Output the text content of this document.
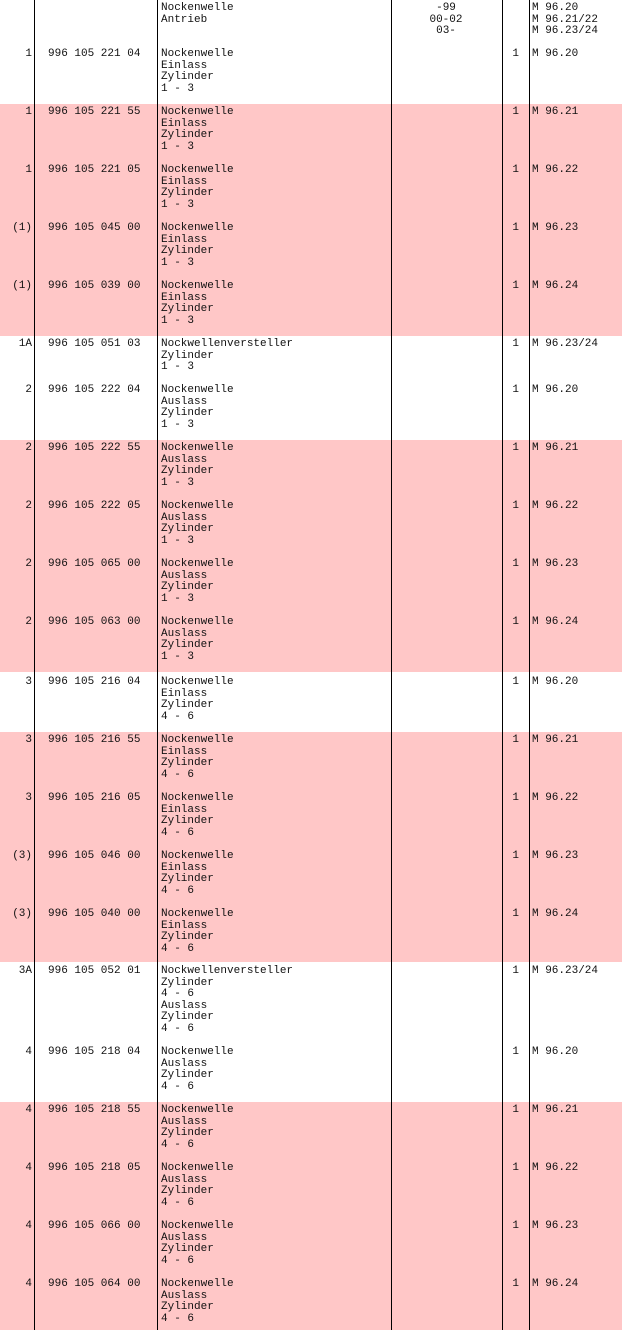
Nockenwelle
Antrieb
-99
00-02
03-
M 96.20
M 96.21/22
M 96.23/24
1 996 105 221 04 Nockenwelle
Einlass
Zylinder
1 - 3
1 M 96.20
1 996 105 221 55 Nockenwelle
Einlass
Zylinder
1 - 3
1 M 96.21
1 996 105 221 05 Nockenwelle
Einlass
Zylinder
1 - 3
1 M 96.22
(1) 996 105 045 00 Nockenwelle
Einlass
Zylinder
1 - 3
1 M 96.23
(1) 996 105 039 00 Nockenwelle
Einlass
Zylinder
1 - 3
1 M 96.24
1A 996 105 051 03 Nockwellenversteller
Zylinder
1 - 3
1 M 96.23/24
2 996 105 222 04 Nockenwelle
Auslass
Zylinder
1 - 3
1 M 96.20
2 996 105 222 55 Nockenwelle
Auslass
Zylinder
1 - 3
1 M 96.21
2 996 105 222 05 Nockenwelle
Auslass
Zylinder
1 - 3
1 M 96.22
2 996 105 065 00 Nockenwelle
Auslass
Zylinder
1 - 3
1 M 96.23
2 996 105 063 00 Nockenwelle
Auslass
Zylinder
1 - 3
1 M 96.24
3 996 105 216 04 Nockenwelle
Einlass
Zylinder
4 - 6
1 M 96.20
3 996 105 216 55 Nockenwelle
Einlass
Zylinder
4 - 6
1 M 96.21
3 996 105 216 05 Nockenwelle
Einlass
Zylinder
4 - 6
1 M 96.22
(3) 996 105 046 00 Nockenwelle
Einlass
Zylinder
4 - 6
1 M 96.23
(3) 996 105 040 00 Nockenwelle
Einlass
Zylinder
4 - 6
1 M 96.24
3A 996 105 052 01 Nockwellenversteller
Zylinder
4 - 6
Auslass
Zylinder
4 - 6
1 M 96.23/24
4 996 105 218 04 Nockenwelle
Auslass
Zylinder
4 - 6
1 M 96.20
4 996 105 218 55 Nockenwelle
Auslass
Zylinder
4 - 6
1 M 96.21
4 996 105 218 05 Nockenwelle
Auslass
Zylinder
4 - 6
1 M 96.22
4 996 105 066 00 Nockenwelle
Auslass
Zylinder
4 - 6
1 M 96.23
4 996 105 064 00 Nockenwelle
Auslass
Zylinder
4 - 6
1 M 96.24
